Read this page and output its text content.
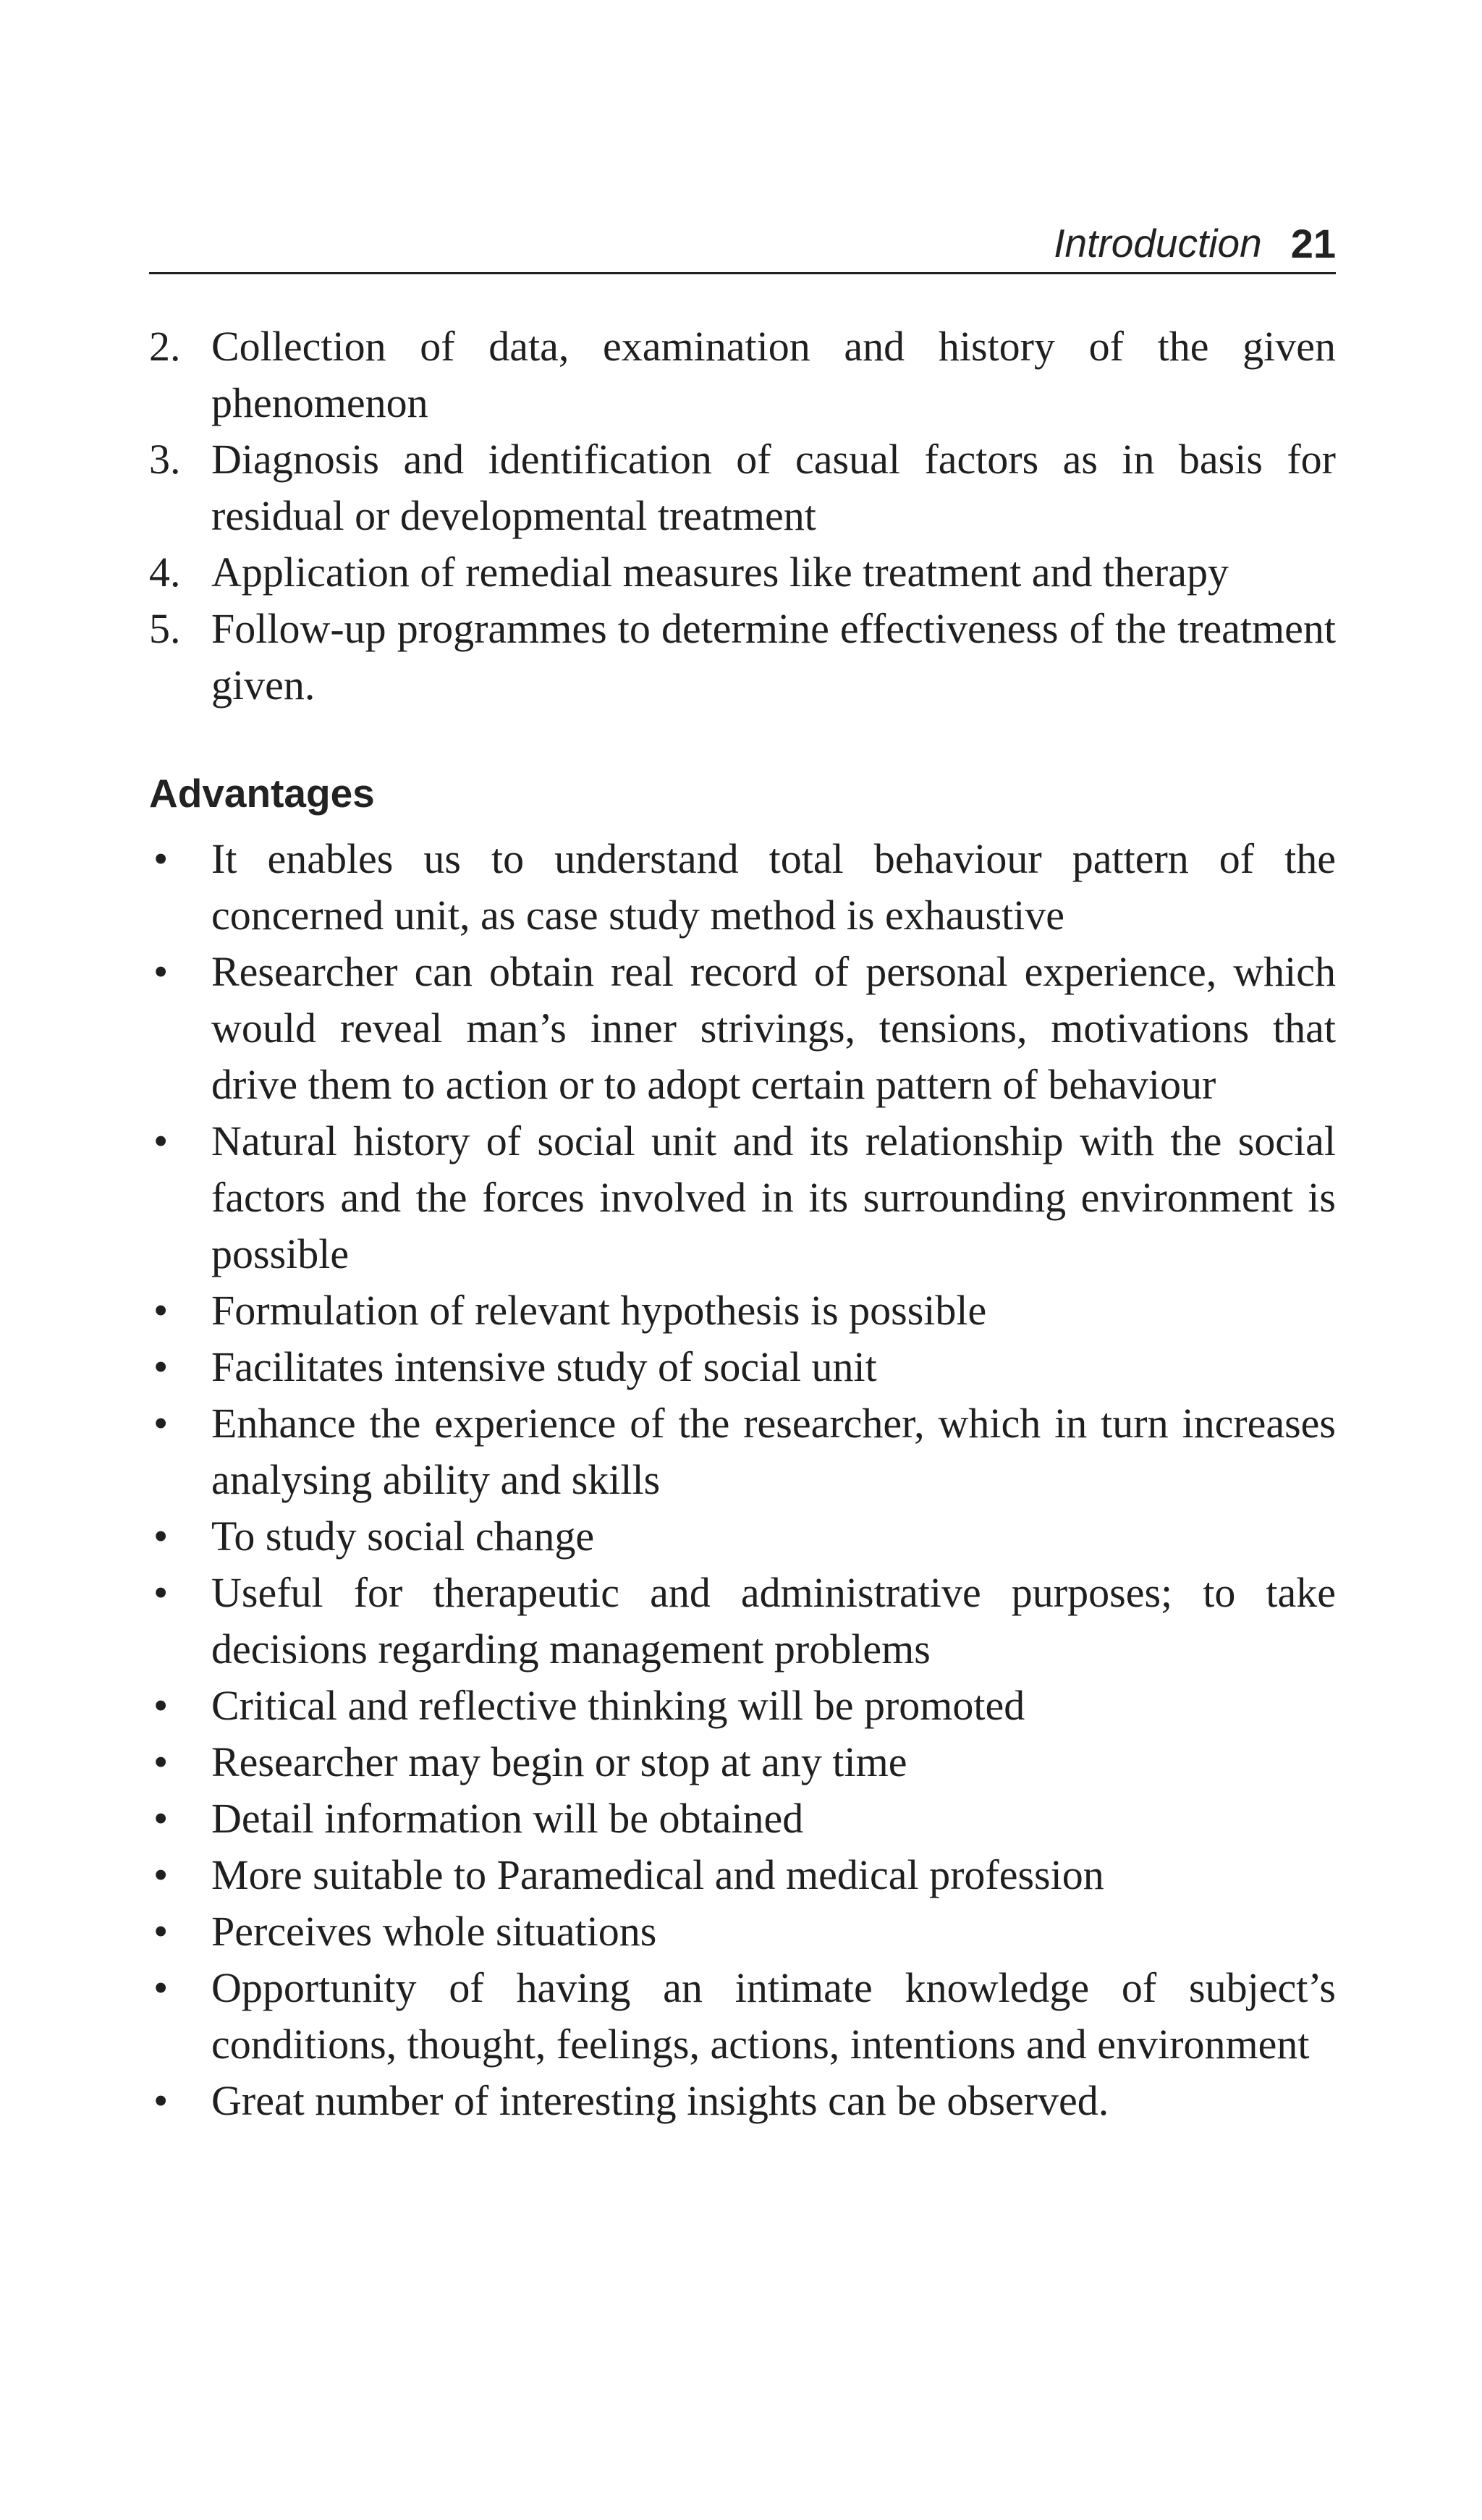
Introduction 21
2. Collection of data, examination and history of the given phenomenon
3. Diagnosis and identification of casual factors as in basis for residual or developmental treatment
4. Application of remedial measures like treatment and therapy
5. Follow-up programmes to determine effectiveness of the treatment given.
Advantages
• It enables us to understand total behaviour pattern of the concerned unit, as case study method is exhaustive
• Researcher can obtain real record of personal experience, which would reveal man’s inner strivings, tensions, motivations that drive them to action or to adopt certain pattern of behaviour
• Natural history of social unit and its relationship with the social factors and the forces involved in its surrounding environment is possible
• Formulation of relevant hypothesis is possible
• Facilitates intensive study of social unit
• Enhance the experience of the researcher, which in turn increases analysing ability and skills
• To study social change
• Useful for therapeutic and administrative purposes; to take decisions regarding management problems
• Critical and reflective thinking will be promoted
• Researcher may begin or stop at any time
• Detail information will be obtained
• More suitable to Paramedical and medical profession
• Perceives whole situations
• Opportunity of having an intimate knowledge of subject’s conditions, thought, feelings, actions, intentions and environment
• Great number of interesting insights can be observed.
